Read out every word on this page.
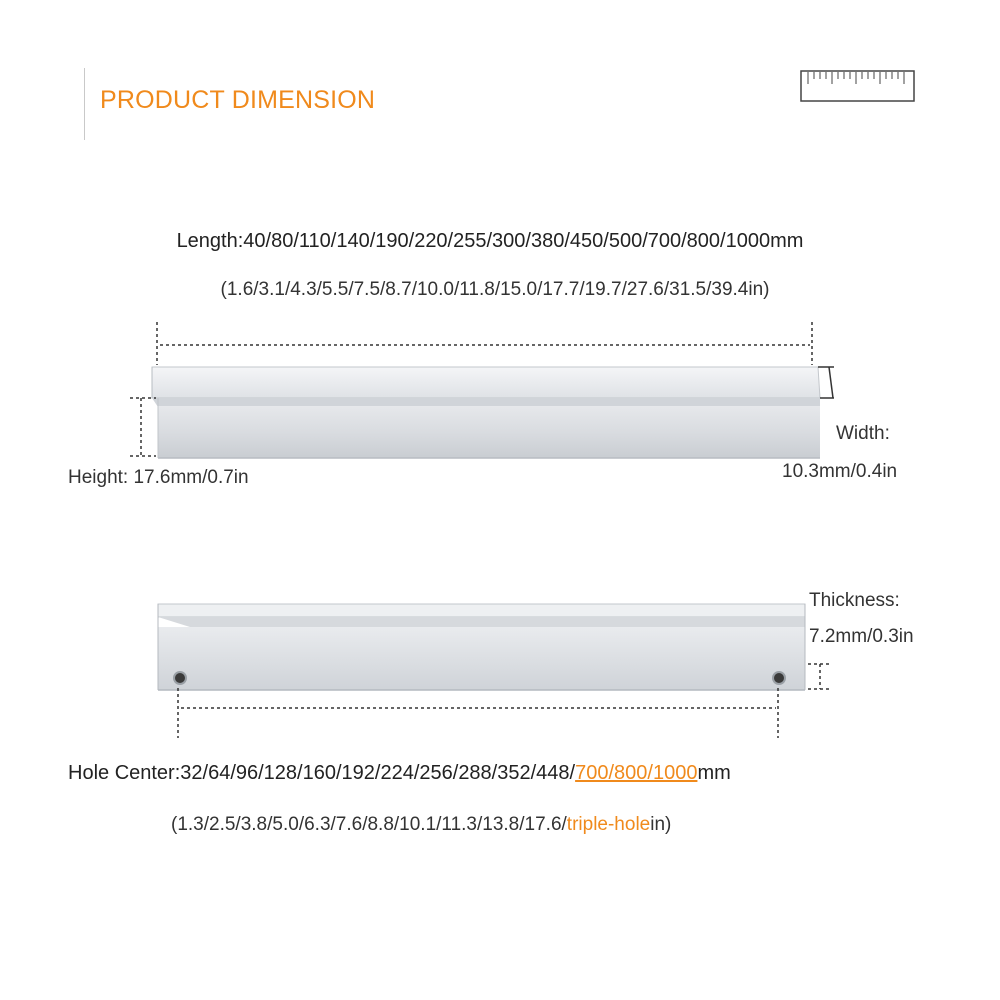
PRODUCT DIMENSION
Length:40/80/110/140/190/220/255/300/380/450/500/700/800/1000mm
(1.6/3.1/4.3/5.5/7.5/8.7/10.0/11.8/15.0/17.7/19.7/27.6/31.5/39.4in)
Height: 17.6mm/0.7in
Width:
10.3mm/0.4in
Thickness:
7.2mm/0.3in
Hole Center:32/64/96/128/160/192/224/256/288/352/448/700/800/1000mm
(1.3/2.5/3.8/5.0/6.3/7.6/8.8/10.1/11.3/13.8/17.6/triple-holein)
